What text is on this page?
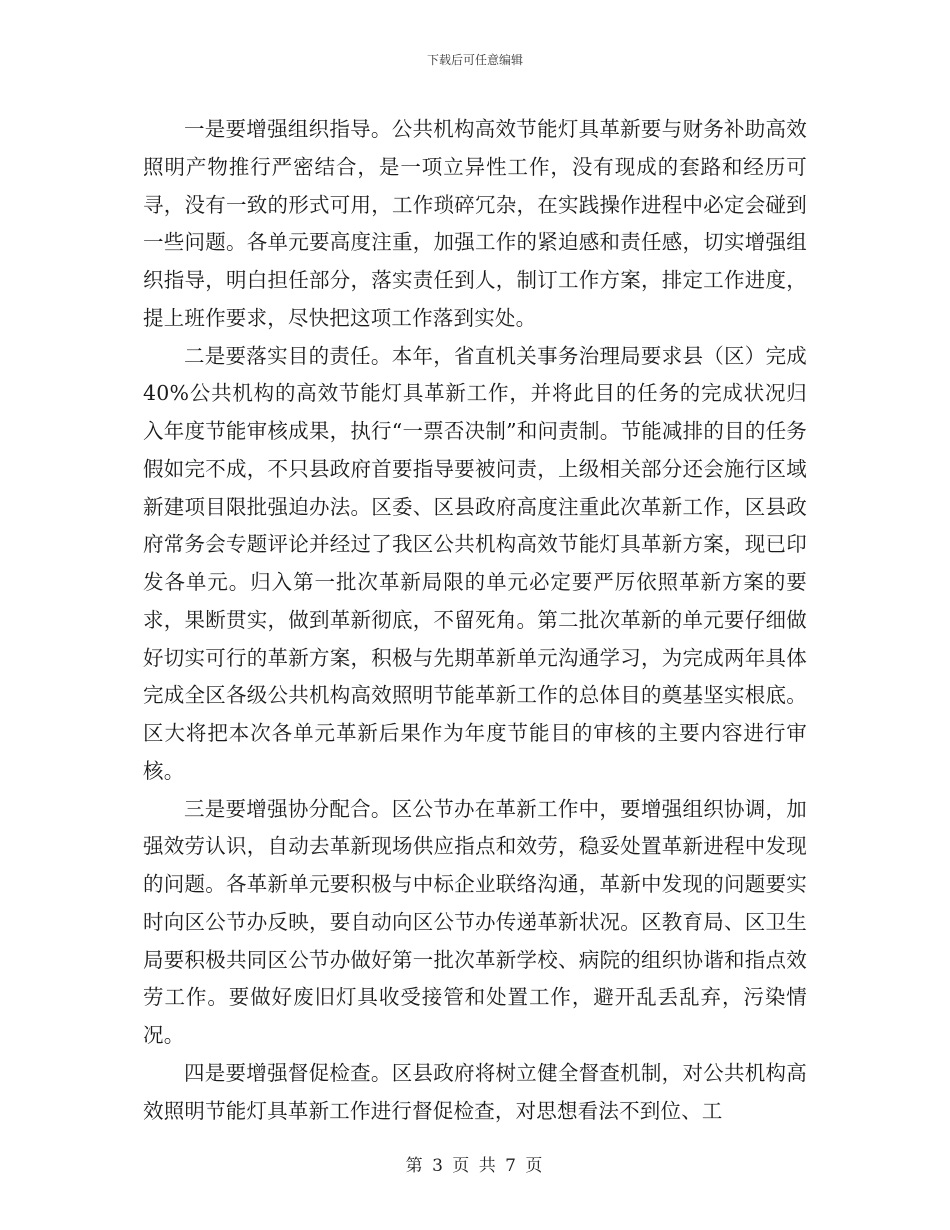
下载后可任意编辑

一是要增强组织指导。公共机构高效节能灯具革新要与财务补助高效照明产物推行严密结合，是一项立异性工作，没有现成的套路和经历可寻，没有一致的形式可用，工作琐碎冗杂，在实践操作进程中必定会碰到一些问题。各单元要高度注重，加强工作的紧迫感和责任感，切实增强组织指导，明白担任部分，落实责任到人，制订工作方案，排定工作进度，提上班作要求，尽快把这项工作落到实处。

二是要落实目的责任。本年，省直机关事务治理局要求县（区）完成40%公共机构的高效节能灯具革新工作，并将此目的任务的完成状况归入年度节能审核成果，执行“一票否决制”和问责制。节能减排的目的任务假如完不成，不只县政府首要指导要被问责，上级相关部分还会施行区域新建项目限批强迫办法。区委、区县政府高度注重此次革新工作，区县政府常务会专题评论并经过了我区公共机构高效节能灯具革新方案，现已印发各单元。归入第一批次革新局限的单元必定要严厉依照革新方案的要求，果断贯实，做到革新彻底，不留死角。第二批次革新的单元要仔细做好切实可行的革新方案，积极与先期革新单元沟通学习，为完成两年具体完成全区各级公共机构高效照明节能革新工作的总体目的奠基坚实根底。区大将把本次各单元革新后果作为年度节能目的审核的主要内容进行审核。

三是要增强协分配合。区公节办在革新工作中，要增强组织协调，加强效劳认识，自动去革新现场供应指点和效劳，稳妥处置革新进程中发现的问题。各革新单元要积极与中标企业联络沟通，革新中发现的问题要实时向区公节办反映，要自动向区公节办传递革新状况。区教育局、区卫生局要积极共同区公节办做好第一批次革新学校、病院的组织协谐和指点效劳工作。要做好废旧灯具收受接管和处置工作，避开乱丢乱弃，污染情况。

四是要增强督促检查。区县政府将树立健全督查机制，对公共机构高效照明节能灯具革新工作进行督促检查，对思想看法不到位、工

第 3 页 共 7 页
